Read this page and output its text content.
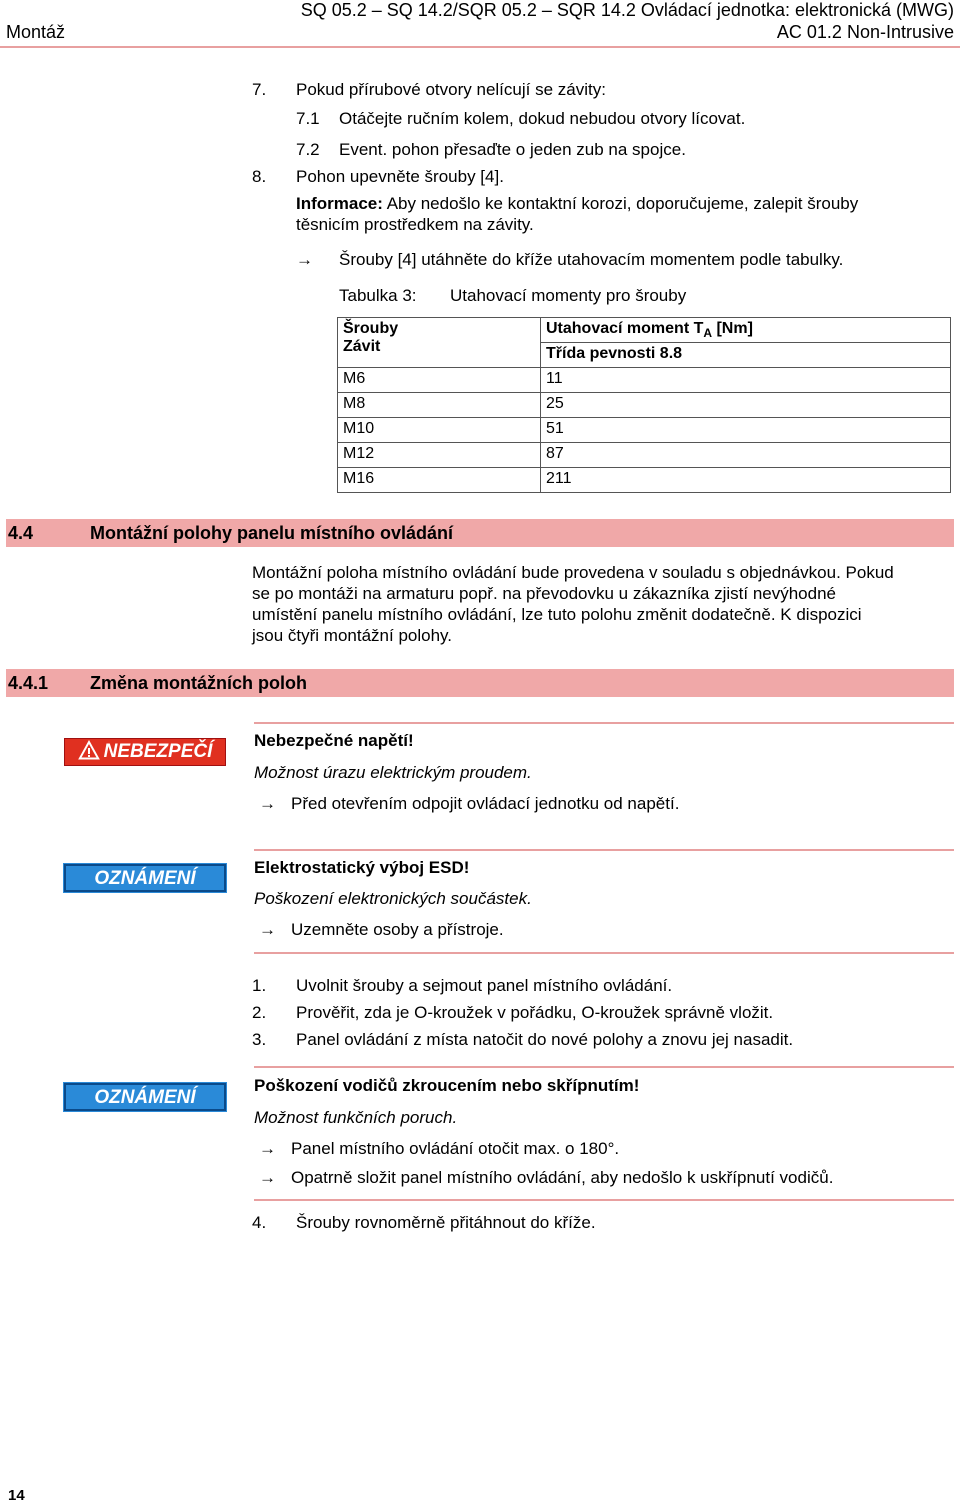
Montáž
SQ 05.2 – SQ 14.2/SQR 05.2 – SQR 14.2 Ovládací jednotka: elektronická (MWG)
AC 01.2 Non-Intrusive
7. Pokud přírubové otvory nelícují se závity:
7.1 Otáčejte ručním kolem, dokud nebudou otvory lícovat.
7.2 Event. pohon přesaďte o jeden zub na spojce.
8. Pohon upevněte šrouby [4].
Informace: Aby nedošlo ke kontaktní korozi, doporučujeme, zalepit šrouby
těsnicím prostředkem na závity.
→ Šrouby [4] utáhněte do kříže utahovacím momentem podle tabulky.
Tabulka 3: Utahovací momenty pro šrouby
Šrouby
Závit	Utahovací moment $T_A$ [Nm]
	Třída pevnosti 8.8
M6	11
M8	25
M10	51
M12	87
M16	211
4.4	Montážní polohy panelu místního ovládání
Montážní poloha místního ovládání bude provedena v souladu s objednávkou. Pokud
se po montáži na armaturu popř. na převodovku u zákazníka zjistí nevýhodné
umístění panelu místního ovládání, lze tuto polohu změnit dodatečně. K dispozici
jsou čtyři montážní polohy.
4.4.1 Změna montážních poloh
NEBEZPEČÍ
Nebezpečné napětí!
Možnost úrazu elektrickým proudem.
→ Před otevřením odpojit ovládací jednotku od napětí.
OZNÁMENÍ
Elektrostatický výboj ESD!
Poškození elektronických součástek.
→ Uzemněte osoby a přístroje.
1. Uvolnit šrouby a sejmout panel místního ovládání.
2. Prověřit, zda je O-kroužek v pořádku, O-kroužek správně vložit.
3. Panel ovládání z místa natočit do nové polohy a znovu jej nasadit.
OZNÁMENÍ
Poškození vodičů zkroucením nebo skřípnutím!
Možnost funkčních poruch.
→ Panel místního ovládání otočit max. o 180°.
→ Opatrně složit panel místního ovládání, aby nedošlo k uskřípnutí vodičů.
4. Šrouby rovnoměrně přitáhnout do kříže.
14
